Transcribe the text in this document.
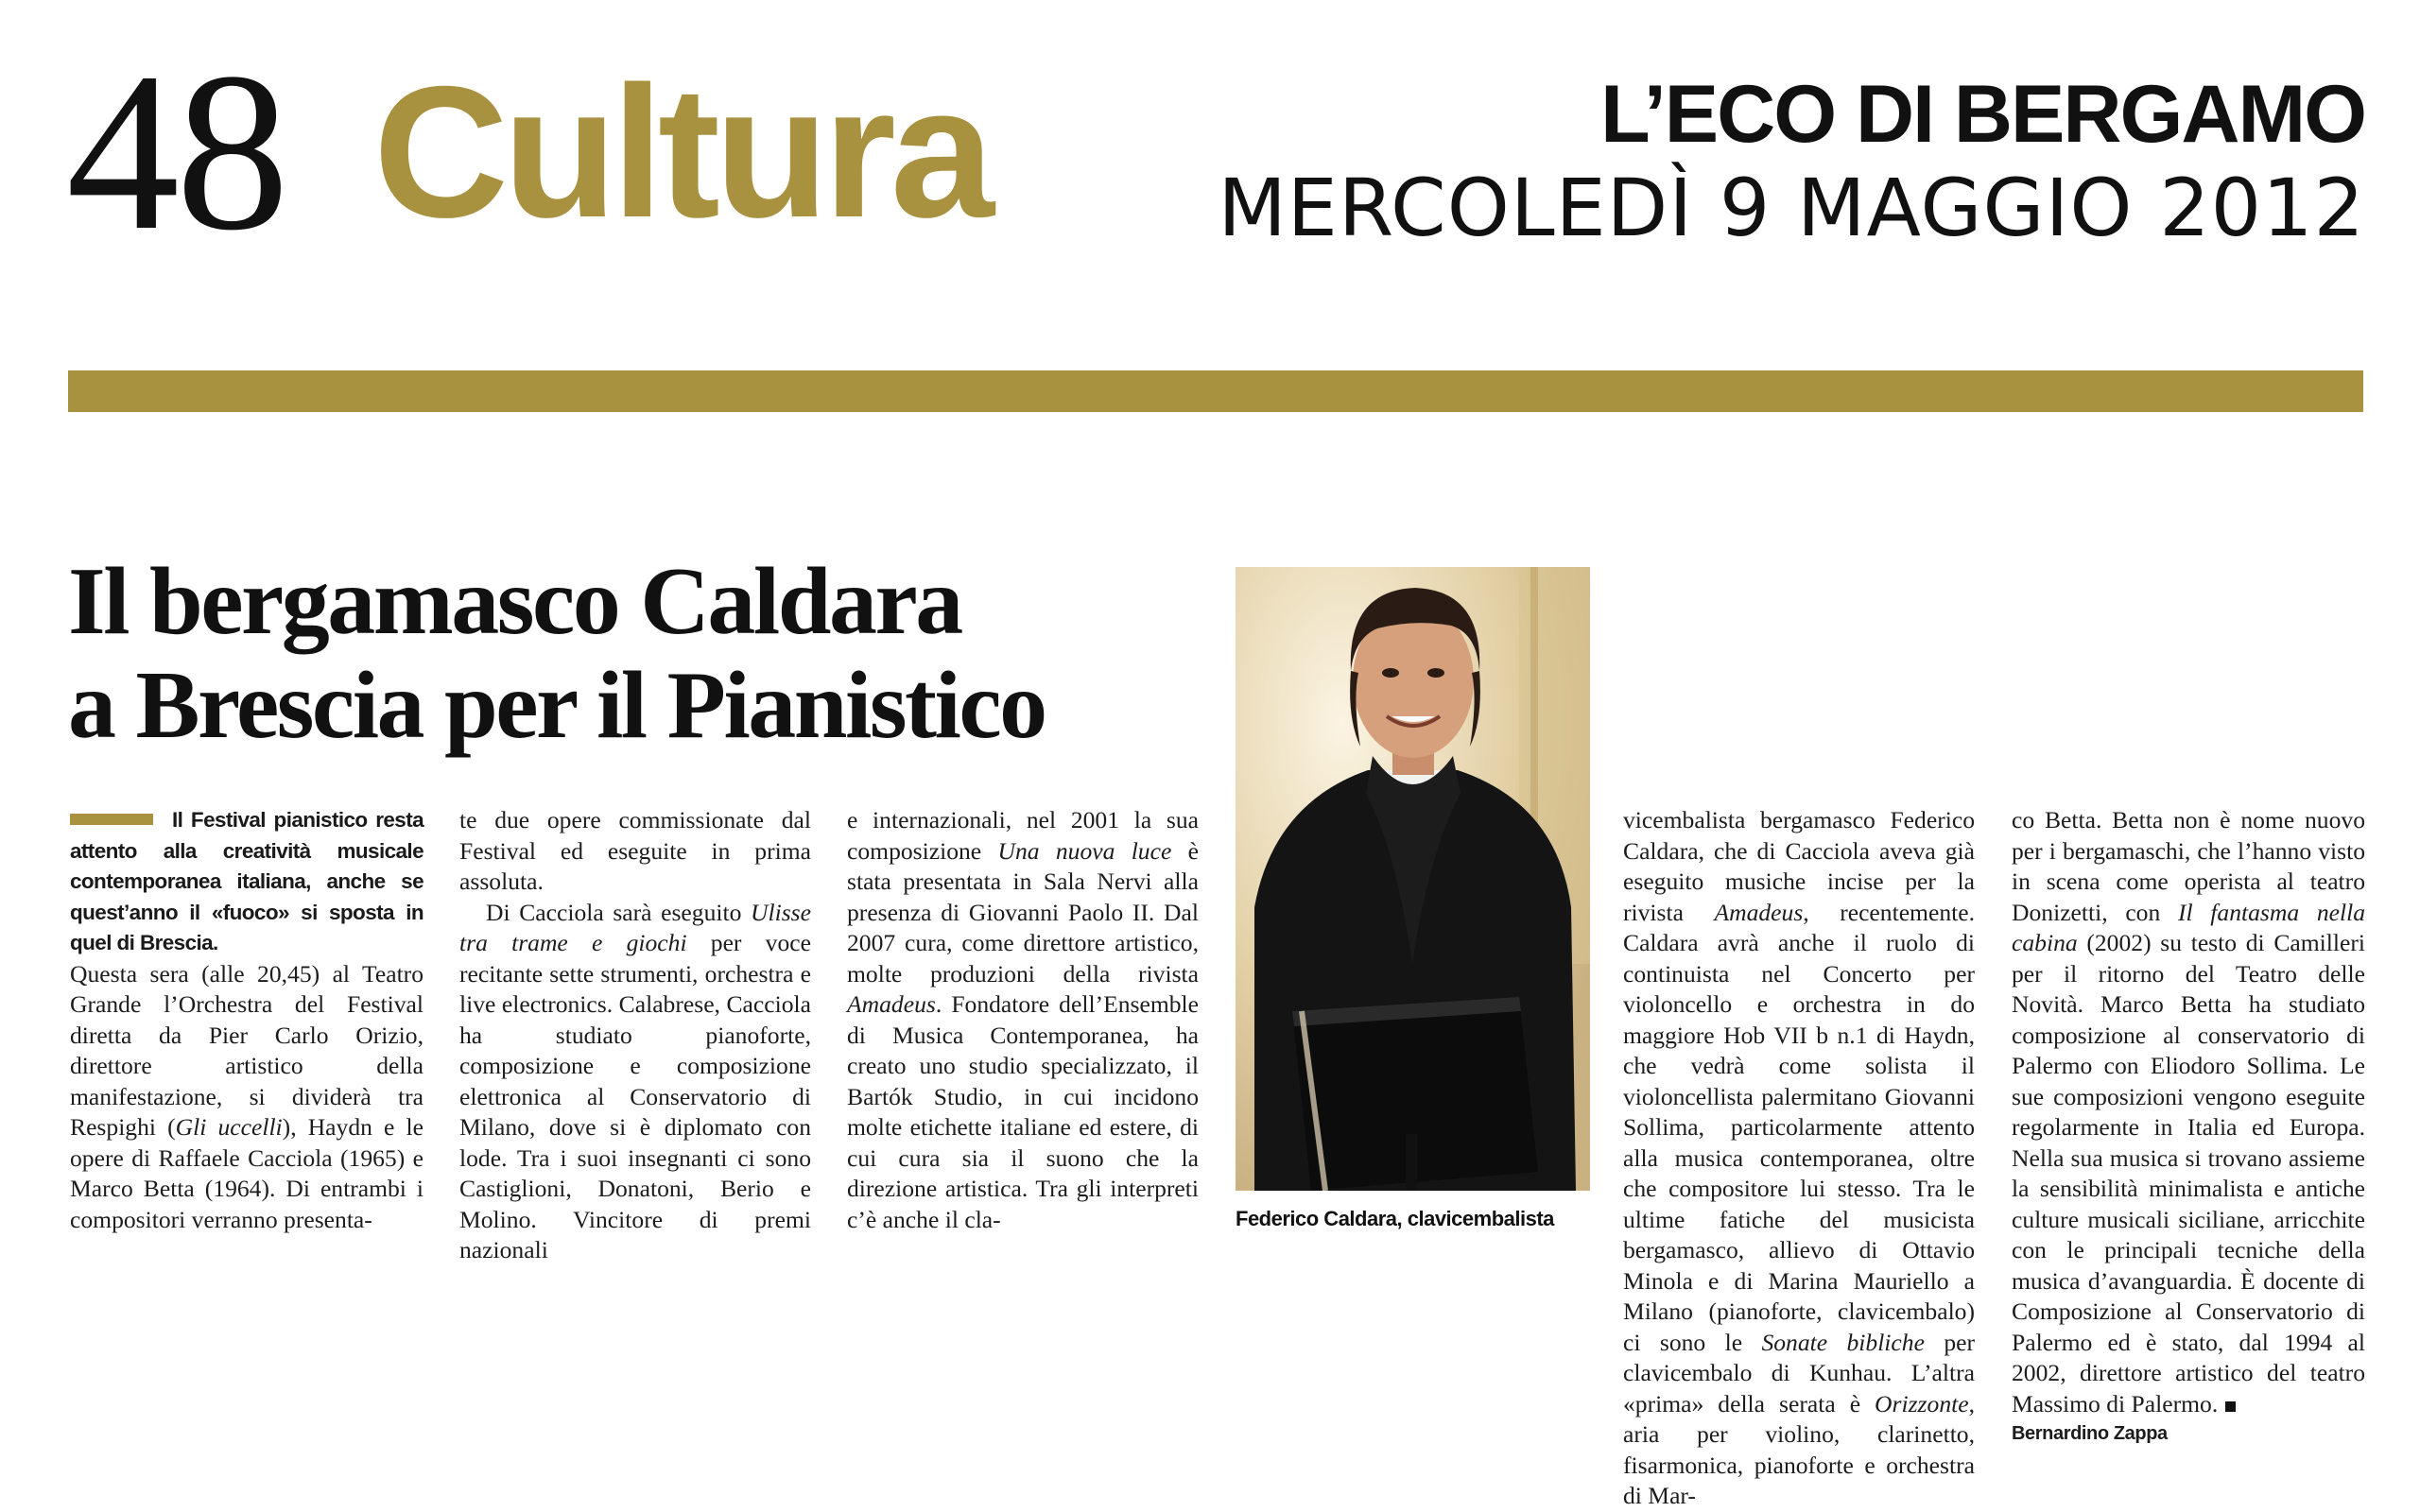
48 Cultura	L’ECO DI BERGAMO
MERCOLEDÌ 9 MAGGIO 2012
Il bergamasco Caldara
a Brescia per il Pianistico

Il Festival pianistico resta attento alla creatività musicale contemporanea italiana, anche se quest’anno il «fuoco» si sposta in quel di Brescia.

Questa sera (alle 20,45) al Teatro Grande l’Orchestra del Festival diretta da Pier Carlo Orizio, direttore artistico della manifestazione, si dividerà tra Respighi (Gli uccelli), Haydn e le opere di Raffaele Cacciola (1965) e Marco Betta (1964). Di entrambi i compositori verranno presenta-

te due opere commissionate dal Festival ed eseguite in prima assoluta.

Di Cacciola sarà eseguito Ulisse tra trame e giochi per voce recitante sette strumenti, orchestra e live electronics. Calabrese, Cacciola ha studiato pianoforte, composizione e composizione elettronica al Conservatorio di Milano, dove si è diplomato con lode. Tra i suoi insegnanti ci sono Castiglioni, Donatoni, Berio e Molino. Vincitore di premi nazionali

e internazionali, nel 2001 la sua composizione Una nuova luce è stata presentata in Sala Nervi alla presenza di Giovanni Paolo II. Dal 2007 cura, come direttore artistico, molte produzioni della rivista Amadeus. Fondatore dell’Ensemble di Musica Contemporanea, ha creato uno studio specializzato, il Bartók Studio, in cui incidono molte etichette italiane ed estere, di cui cura sia il suono che la direzione artistica. Tra gli interpreti c’è anche il cla-	Federico Caldara, clavicembalista

vicembalista bergamasco Federico Caldara, che di Cacciola aveva già eseguito musiche incise per la rivista Amadeus, recentemente. Caldara avrà anche il ruolo di continuista nel Concerto per violoncello e orchestra in do maggiore Hob VII b n.1 di Haydn, che vedrà come solista il violoncellista palermitano Giovanni Sollima, particolarmente attento alla musica contemporanea, oltre che compositore lui stesso. Tra le ultime fatiche del musicista bergamasco, allievo di Ottavio Minola e di Marina Mauriello a Milano (pianoforte, clavicembalo) ci sono le Sonate bibliche per clavicembalo di Kunhau. L’altra «prima» della serata è Orizzonte, aria per violino, clarinetto, fisarmonica, pianoforte e orchestra di Mar-

co Betta. Betta non è nome nuovo per i bergamaschi, che l’hanno visto in scena come operista al teatro Donizetti, con Il fantasma nella cabina (2002) su testo di Camilleri per il ritorno del Teatro delle Novità. Marco Betta ha studiato composizione al conservatorio di Palermo con Eliodoro Sollima. Le sue composizioni vengono eseguite regolarmente in Italia ed Europa. Nella sua musica si trovano assieme la sensibilità minimalista e antiche culture musicali siciliane, arricchite con le principali tecniche della musica d’avanguardia. È docente di Composizione al Conservatorio di Palermo ed è stato, dal 1994 al 2002, direttore artistico del teatro Massimo di Palermo.

Bernardino Zappa
